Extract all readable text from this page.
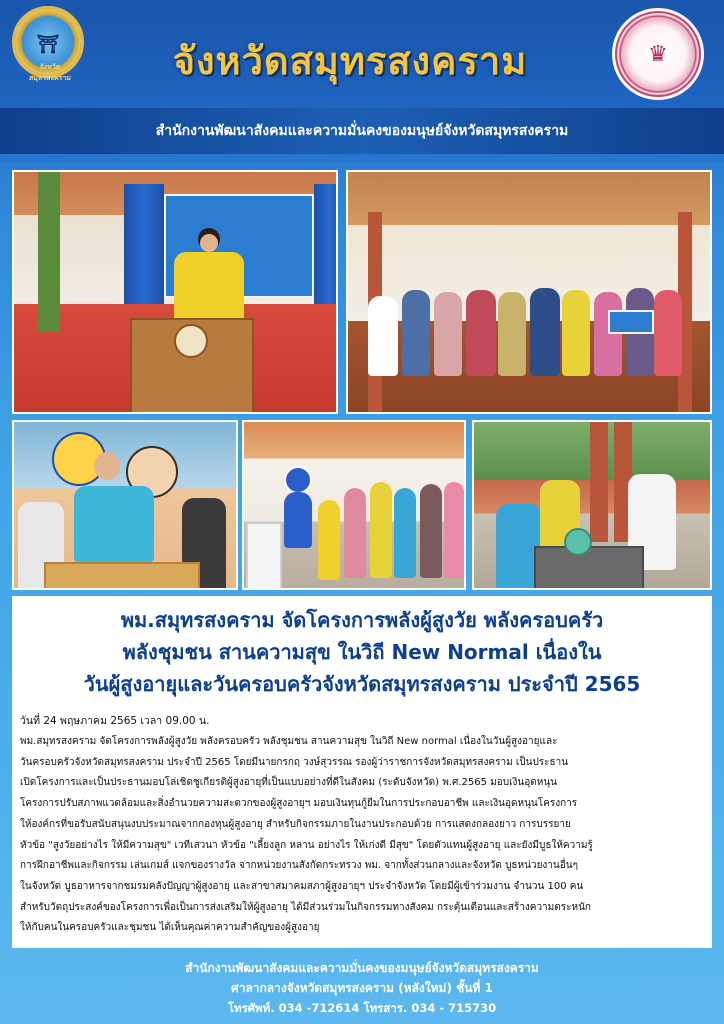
⛩
จังหวัดสมุทรสงคราม
♛
จังหวัดสมุทรสงคราม
สำนักงานพัฒนาสังคมและความมั่นคงของมนุษย์จังหวัดสมุทรสงคราม
พม.สมุทรสงคราม จัดโครงการพลังผู้สูงวัย พลังครอบครัว
พลังชุมชน สานความสุข ในวิถี New Normal เนื่องใน
วันผู้สูงอายุและวันครอบครัวจังหวัดสมุทรสงคราม ประจำปี 2565
วันที่ 24 พฤษภาคม 2565 เวลา 09.00 น.
พม.สมุทรสงคราม จัดโครงการพลังผู้สูงวัย พลังครอบครัว พลังชุมชน สานความสุข ในวิถี New normal เนื่องในวันผู้สูงอายุและ
วันครอบครัวจังหวัดสมุทรสงคราม ประจำปี 2565 โดยมีนายกรกฤ วงษ์สุวรรณ รองผู้ว่าราชการจังหวัดสมุทรสงคราม เป็นประธาน
เปิดโครงการและเป็นประธานมอบโล่เชิดชูเกียรติผู้สูงอายุที่เป็นแบบอย่างที่ดีในสังคม (ระดับจังหวัด) พ.ศ.2565 มอบเงินอุดหนุน
โครงการปรับสภาพแวดล้อมและสิ่งอำนวยความสะดวกของผู้สูงอายุฯ มอบเงินทุนกู้ยืมในการประกอบอาชีพ และเงินอุดหนุนโครงการ
ให้องค์กรที่ขอรับสนับสนุนงบประมาณจากกองทุนผู้สูงอายุ สำหรับกิจกรรมภายในงานประกอบด้วย การแสดงกลองยาว การบรรยาย
หัวข้อ "สูงวัยอย่างไร ให้มีความสุข" เวทีเสวนา หัวข้อ "เลี้ยงลูก หลาน อย่างไร ให้เก่งดี มีสุข" โดยตัวแทนผู้สูงอายุ และยังมีบูธให้ความรู้
การฝึกอาชีพและกิจกรรม เล่นเกมส์ แจกของรางวัล จากหน่วยงานสังกัดกระทรวง พม. จากทั้งส่วนกลางและจังหวัด บูธหน่วยงานอื่นๆ
ในจังหวัด บูธอาหารจากชมรมคลังปัญญาผู้สูงอายุ และสาขาสมาคมสภาผู้สูงอายุฯ ประจำจังหวัด โดยมีผู้เข้าร่วมงาน จำนวน 100 คน
สำหรับวัตถุประสงค์ของโครงการเพื่อเป็นการส่งเสริมให้ผู้สูงอายุ ได้มีส่วนร่วมในกิจกรรมทางสังคม กระตุ้นเตือนและสร้างความตระหนัก
ให้กับคนในครอบครัวและชุมชน ได้เห็นคุณค่าความสำคัญของผู้สูงอายุ
สำนักงานพัฒนาสังคมและความมั่นคงของมนุษย์จังหวัดสมุทรสงคราม
ศาลากลางจังหวัดสมุทรสงคราม (หลังใหม่) ชั้นที่ 1
โทรศัพท์. 034 -712614 โทรสาร. 034 - 715730
